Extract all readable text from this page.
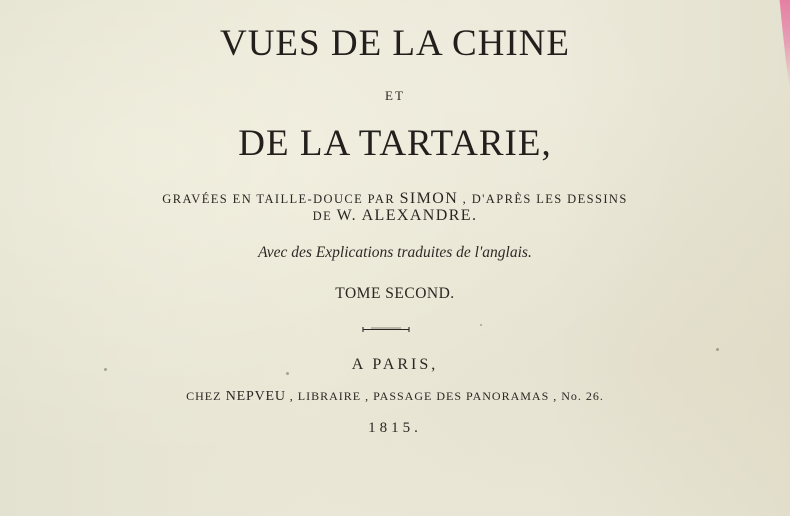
VUES DE LA CHINE
ET
DE LA TARTARIE,
GRAVÉES EN TAILLE-DOUCE PAR SIMON , D'APRÈS LES DESSINS
DE W. ALEXANDRE.
Avec des Explications traduites de l'anglais.
TOME SECOND.
A PARIS,
CHEZ NEPVEU , LIBRAIRE , PASSAGE DES PANORAMAS , No. 26.
1815.
